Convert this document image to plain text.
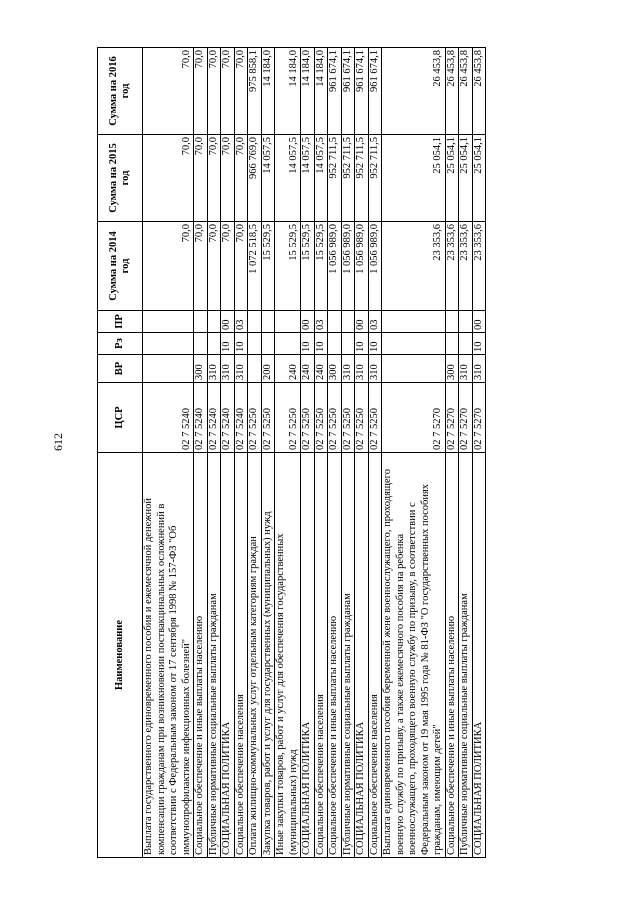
612
Наименование	ЦСР	ВР	Рз	ПР	Сумма на 2014 год	Сумма на 2015 год	Сумма на 2016 год
Выплата государственного единовременного пособия и ежемесячной денежной компенсации гражданам при возникновении поствакцинальных осложнений в соответствии с Федеральным законом от 17 сентября 1998 № 157-ФЗ "Об иммунопрофилактике инфекционных болезней"	02 7 5240				70,0	70,0	70,0
Социальное обеспечение и иные выплаты населению	02 7 5240	300			70,0	70,0	70,0
Публичные нормативные социальные выплаты гражданам	02 7 5240	310			70,0	70,0	70,0
СОЦИАЛЬНАЯ ПОЛИТИКА	02 7 5240	310	10	00	70,0	70,0	70,0
Социальное обеспечение населения	02 7 5240	310	10	03	70,0	70,0	70,0
Оплата жилищно-коммунальных услуг отдельным категориям граждан	02 7 5250				1 072 518,5	966 769,0	975 858,1
Закупка товаров, работ и услуг для государственных (муниципальных) нужд	02 7 5250	200			15 529,5	14 057,5	14 184,0
Иные закупки товаров, работ и услуг для обеспечения государственных (муниципальных) нужд	02 7 5250	240			15 529,5	14 057,5	14 184,0
СОЦИАЛЬНАЯ ПОЛИТИКА	02 7 5250	240	10	00	15 529,5	14 057,5	14 184,0
Социальное обеспечение населения	02 7 5250	240	10	03	15 529,5	14 057,5	14 184,0
Социальное обеспечение и иные выплаты населению	02 7 5250	300			1 056 989,0	952 711,5	961 674,1
Публичные нормативные социальные выплаты гражданам	02 7 5250	310			1 056 989,0	952 711,5	961 674,1
СОЦИАЛЬНАЯ ПОЛИТИКА	02 7 5250	310	10	00	1 056 989,0	952 711,5	961 674,1
Социальное обеспечение населения	02 7 5250	310	10	03	1 056 989,0	952 711,5	961 674,1
Выплата единовременного пособия беременной жене военнослужащего, проходящего военную службу по призыву, а также ежемесячного пособия на ребенка военнослужащего, проходящего военную службу по призыву, в соответствии с Федеральным законом от 19 мая 1995 года № 81-ФЗ "О государственных пособиях гражданам, имеющим детей"	02 7 5270				23 353,6	25 054,1	26 453,8
Социальное обеспечение и иные выплаты населению	02 7 5270	300			23 353,6	25 054,1	26 453,8
Публичные нормативные социальные выплаты гражданам	02 7 5270	310			23 353,6	25 054,1	26 453,8
СОЦИАЛЬНАЯ ПОЛИТИКА	02 7 5270	310	10	00	23 353,6	25 054,1	26 453,8
